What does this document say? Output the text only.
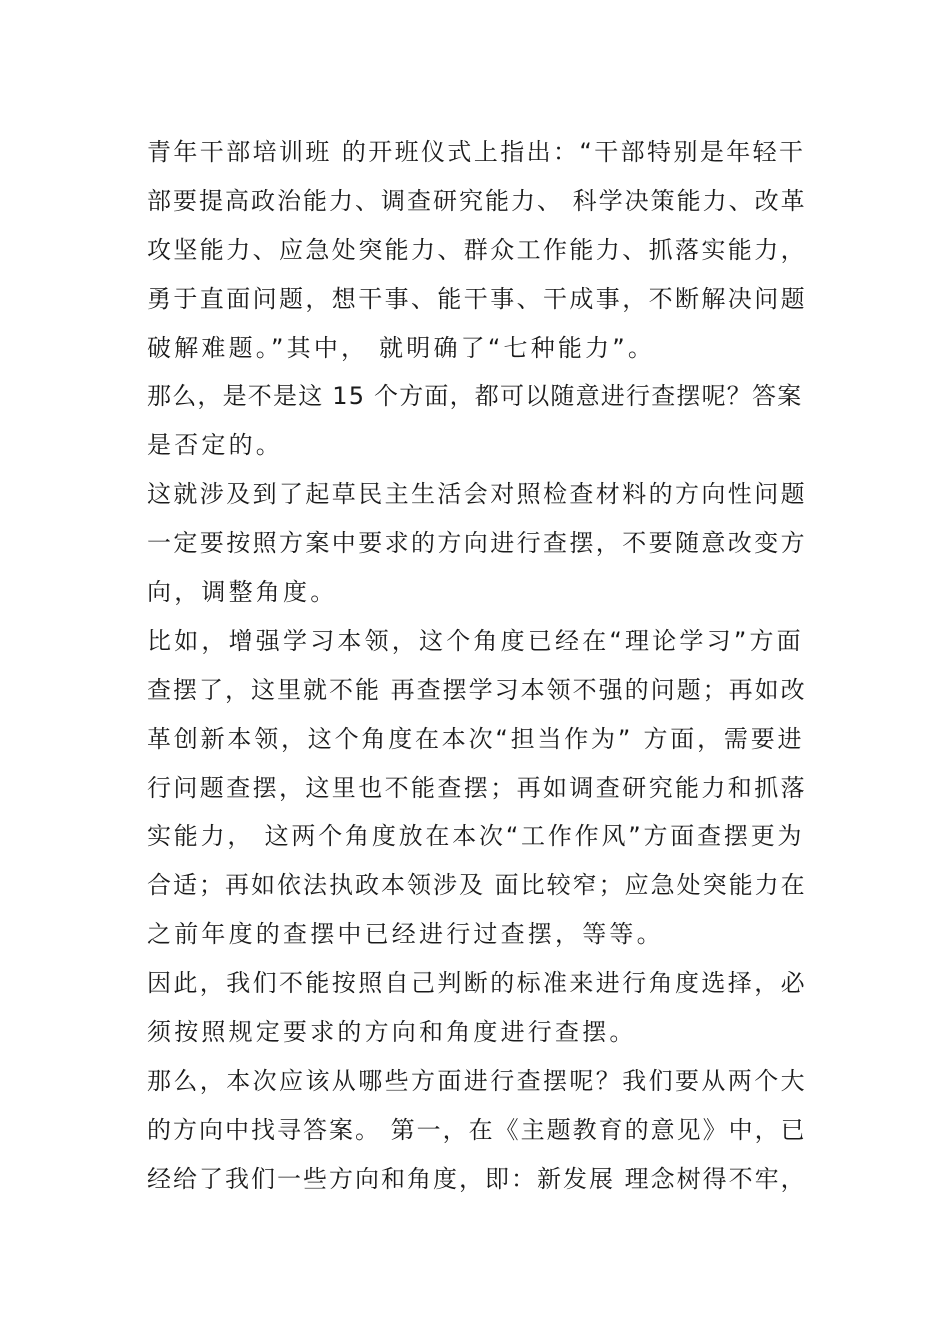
青年干部培训班 的开班仪式上指出：“干部特别是年轻干
部要提高政治能力、调查研究能力、 科学决策能力、改革
攻坚能力、应急处突能力、群众工作能力、抓落实能力，
勇于直面问题，想干事、能干事、干成事，不断解决问题
破解难题。”其中， 就明确了“七种能力”。
那么，是不是这 15 个方面，都可以随意进行查摆呢？答案
是否定的。
这就涉及到了起草民主生活会对照检查材料的方向性问题
一定要按照方案中要求的方向进行查摆，不要随意改变方
向，调整角度。
比如，增强学习本领，这个角度已经在“理论学习”方面
查摆了，这里就不能 再查摆学习本领不强的问题；再如改
革创新本领，这个角度在本次“担当作为” 方面，需要进
行问题查摆，这里也不能查摆；再如调查研究能力和抓落
实能力， 这两个角度放在本次“工作作风”方面查摆更为
合适；再如依法执政本领涉及 面比较窄；应急处突能力在
之前年度的查摆中已经进行过查摆，等等。
因此，我们不能按照自己判断的标准来进行角度选择，必
须按照规定要求的方向和角度进行查摆。
那么，本次应该从哪些方面进行查摆呢？我们要从两个大
的方向中找寻答案。 第一，在《主题教育的意见》中，已
经给了我们一些方向和角度，即：新发展 理念树得不牢，
